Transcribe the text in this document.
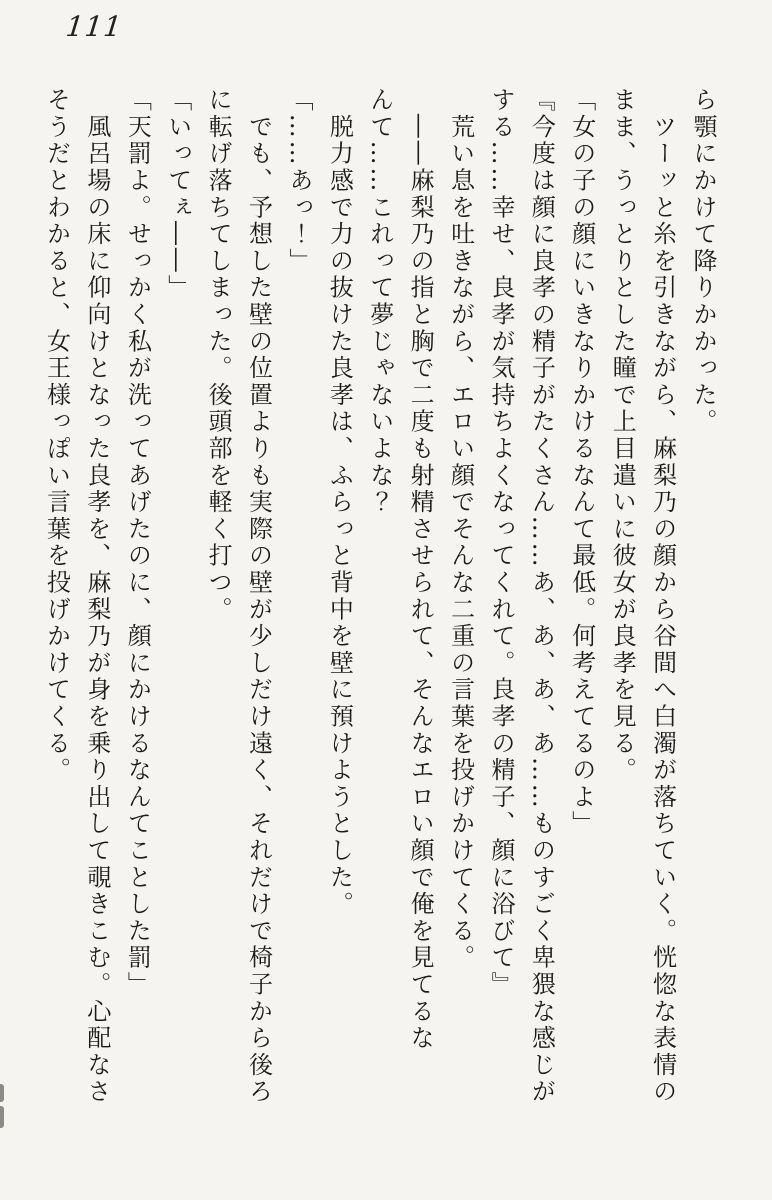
111
ら顎にかけて降りかかった。
　ツーッと糸を引きながら、麻梨乃の顔から谷間へ白濁が落ちていく。恍惚な表情の
まま、うっとりとした瞳で上目遣いに彼女が良孝を見る。
「女の子の顔にいきなりかけるなんて最低。何考えてるのよ」
『今度は顔に良孝の精子がたくさん……あ、あ、あ、あ……ものすごく卑猥な感じが
する……幸せ、良孝が気持ちよくなってくれて。良孝の精子、顔に浴びて』
　荒い息を吐きながら、エロい顔でそんな二重の言葉を投げかけてくる。
　――麻梨乃の指と胸で二度も射精させられて、そんなエロい顔で俺を見てるな
んて……これって夢じゃないよな？
　脱力感で力の抜けた良孝は、ふらっと背中を壁に預けようとした。
「……あっ！」
　でも、予想した壁の位置よりも実際の壁が少しだけ遠く、それだけで椅子から後ろ
に転げ落ちてしまった。後頭部を軽く打つ。
「いってぇ――」
「天罰よ。せっかく私が洗ってあげたのに、顔にかけるなんてことした罰」
　風呂場の床に仰向けとなった良孝を、麻梨乃が身を乗り出して覗きこむ。心配なさ
そうだとわかると、女王様っぽい言葉を投げかけてくる。
